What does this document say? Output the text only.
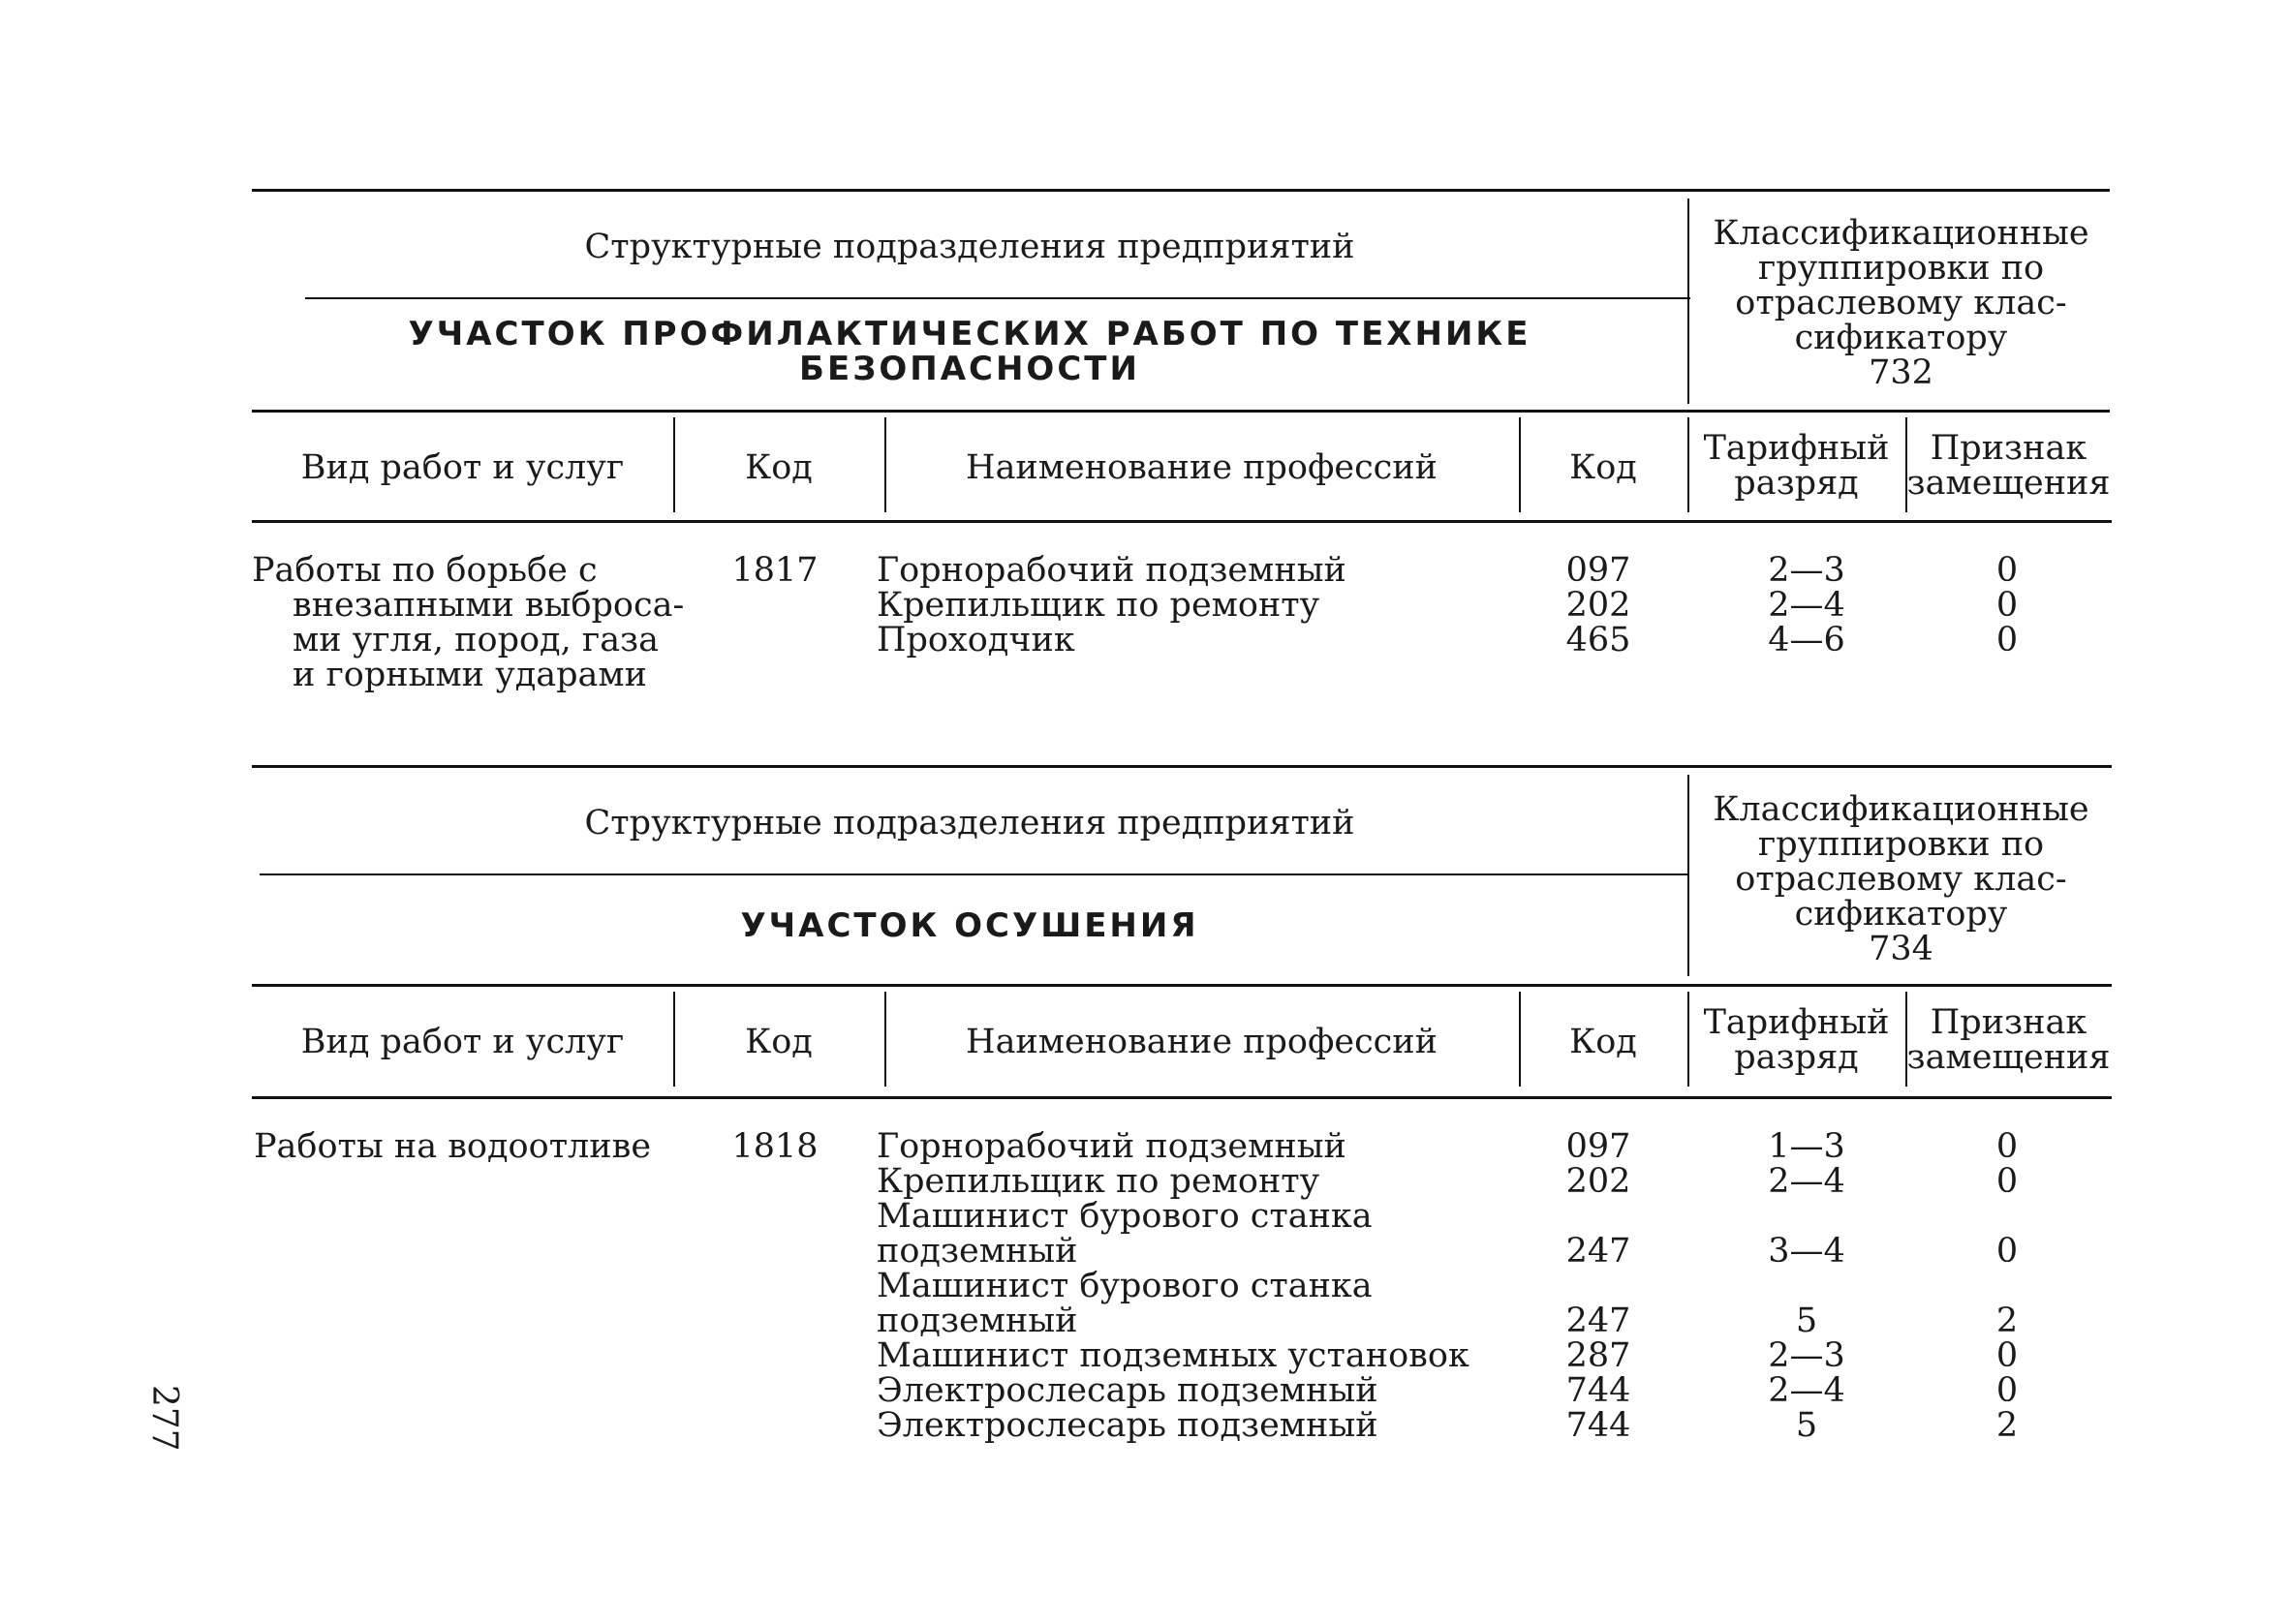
Структурные подразделения предприятий
УЧАСТОК ПРОФИЛАКТИЧЕСКИХ РАБОТ ПО ТЕХНИКЕ
БЕЗОПАСНОСТИ
Классификационные
группировки по
отраслевому клас-
сификатору
732
Вид работ и услуг	Код	Наименование профессий	Код	Тарифный
разряд
Признак
замещения
Работы по борьбе с
внезапными выброса-
ми угля, пород, газа
и горными ударами
1817	Горнорабочий подземный	097	2—3	0
Крепильщик по ремонту	202	2—4	0
Проходчик	465	4—6	0
Структурные подразделения предприятий
УЧАСТОК ОСУШЕНИЯ
Классификационные
группировки по
отраслевому клас-
сификатору
734
Вид работ и услуг	Код	Наименование профессий	Код	Тарифный
разряд
Признак
замещения
Работы на водоотливе	1818	Горнорабочий подземный	097	1—3	0
Крепильщик по ремонту	202	2—4	0
Машинист бурового станка
подземный	247	3—4	0
Машинист бурового станка
подземный	247	5	2
Машинист подземных установок	287	2—3	0
Электрослесарь подземный	744	2—4	0
Электрослесарь подземный	744	5	2
277
